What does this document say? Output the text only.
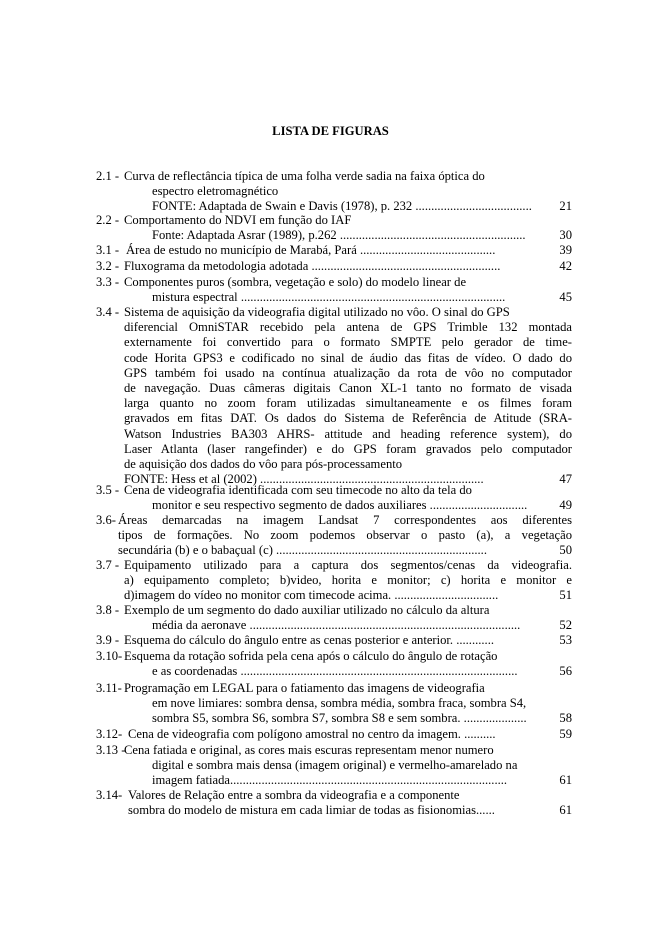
LISTA DE FIGURAS
2.1 - Curva de reflectância típica de uma folha verde sadia na faixa óptica do
espectro eletromagnético
FONTE: Adaptada de Swain e Davis (1978), p. 232 .....................................	21
2.2 - Comportamento do NDVI em função do IAF
Fonte: Adaptada Asrar (1989), p.262 ...........................................................	30
3.1 - Área de estudo no município de Marabá, Pará ...........................................	39
3.2 - Fluxograma da metodologia adotada ............................................................	42
3.3 - Componentes puros (sombra, vegetação e solo) do modelo linear de
mistura espectral ....................................................................................	45
3.4 - Sistema de aquisição da videografia digital utilizado no vôo. O sinal do GPS
diferencial OmniSTAR recebido pela antena de GPS Trimble 132 montada
externamente foi convertido para o formato SMPTE pelo gerador de time-
code Horita GPS3 e codificado no sinal de áudio das fitas de vídeo. O dado do
GPS também foi usado na contínua atualização da rota de vôo no computador
de navegação. Duas câmeras digitais Canon XL-1 tanto no formato de visada
larga quanto no zoom foram utilizadas simultaneamente e os filmes foram
gravados em fitas DAT. Os dados do Sistema de Referência de Atitude (SRA-
Watson Industries BA303 AHRS- attitude and heading reference system), do
Laser Atlanta (laser rangefinder) e do GPS foram gravados pelo computador
de aquisição dos dados do vôo para pós-processamento
FONTE: Hess et al (2002) .......................................................................	47
3.5 - Cena de videografia identificada com seu timecode no alto da tela do
monitor e seu respectivo segmento de dados auxiliares ...............................	49
3.6- Áreas demarcadas na imagem Landsat 7 correspondentes aos diferentes
tipos de formações. No zoom podemos observar o pasto (a), a vegetação
secundária (b) e o babaçual (c) ...................................................................	50
3.7 - Equipamento utilizado para a captura dos segmentos/cenas da videografia.
a) equipamento completo; b)video, horita e monitor; c) horita e monitor e
d)imagem do vídeo no monitor com timecode acima. .................................	51
3.8 - Exemplo de um segmento do dado auxiliar utilizado no cálculo da altura
média da aeronave ......................................................................................	52
3.9 - Esquema do cálculo do ângulo entre as cenas posterior e anterior. ............	53
3.10- Esquema da rotação sofrida pela cena após o cálculo do ângulo de rotação
e as coordenadas ........................................................................................	56
3.11- Programação em LEGAL para o fatiamento das imagens de videografia
em nove limiares: sombra densa, sombra média, sombra fraca, sombra S4,
sombra S5, sombra S6, sombra S7, sombra S8 e sem sombra. ....................	58
3.12- Cena de videografia com polígono amostral no centro da imagem. ..........	59
3.13 -
Cena fatiada e original, as cores mais escuras representam menor numero
digital e sombra mais densa (imagem original) e vermelho-amarelado na
imagem fatiada........................................................................................	61
3.14- Valores de Relação entre a sombra da videografia e a componente
sombra do modelo de mistura em cada limiar de todas as fisionomias......	61
